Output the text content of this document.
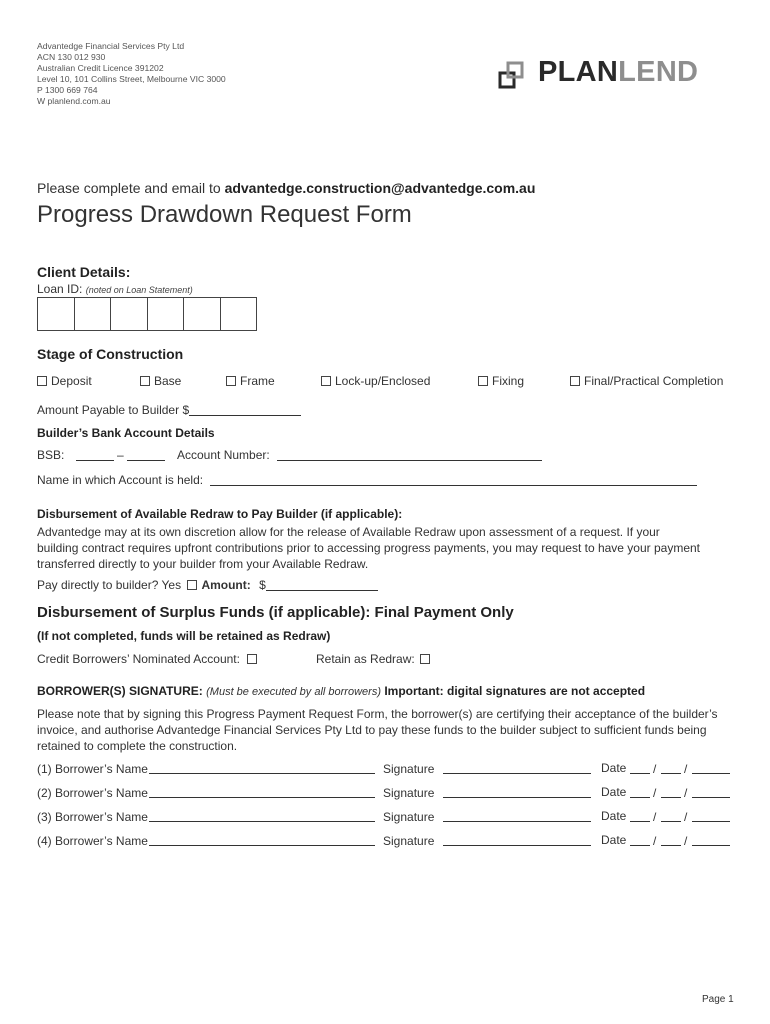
Advantedge Financial Services Pty Ltd
ACN 130 012 930
Australian Credit Licence 391202
Level 10, 101 Collins Street, Melbourne VIC 3000
P 1300 669 764
W planlend.com.au
PLANLEND
Please complete and email to advantedge.construction@advantedge.com.au
Progress Drawdown Request Form
Client Details:
Loan ID: (noted on Loan Statement)
Stage of Construction
Deposit	Base	Frame	Lock-up/Enclosed	Fixing	Final/Practical Completion
Amount Payable to Builder $
Builder’s Bank Account Details
BSB:	–	Account Number:
Name in which Account is held:
Disbursement of Available Redraw to Pay Builder (if applicable):
Advantedge may at its own discretion allow for the release of Available Redraw upon assessment of a request. If your
building contract requires upfront contributions prior to accessing progress payments, you may request to have your payment
transferred directly to your builder from your Available Redraw.
Pay directly to builder? Yes Amount: $
Disbursement of Surplus Funds (if applicable): Final Payment Only
(If not completed, funds will be retained as Redraw)
Credit Borrowers’ Nominated Account:	Retain as Redraw:
BORROWER(S) SIGNATURE: (Must be executed by all borrowers) Important: digital signatures are not accepted
Please note that by signing this Progress Payment Request Form, the borrower(s) are certifying their acceptance of the builder’s
invoice, and authorise Advantedge Financial Services Pty Ltd to pay these funds to the builder subject to sufficient funds being
retained to complete the construction.
(1) Borrower’s Name	Signature	Date / /
(2) Borrower’s Name	Signature	Date / /
(3) Borrower’s Name	Signature	Date / /
(4) Borrower’s Name	Signature	Date / /
Page 1
